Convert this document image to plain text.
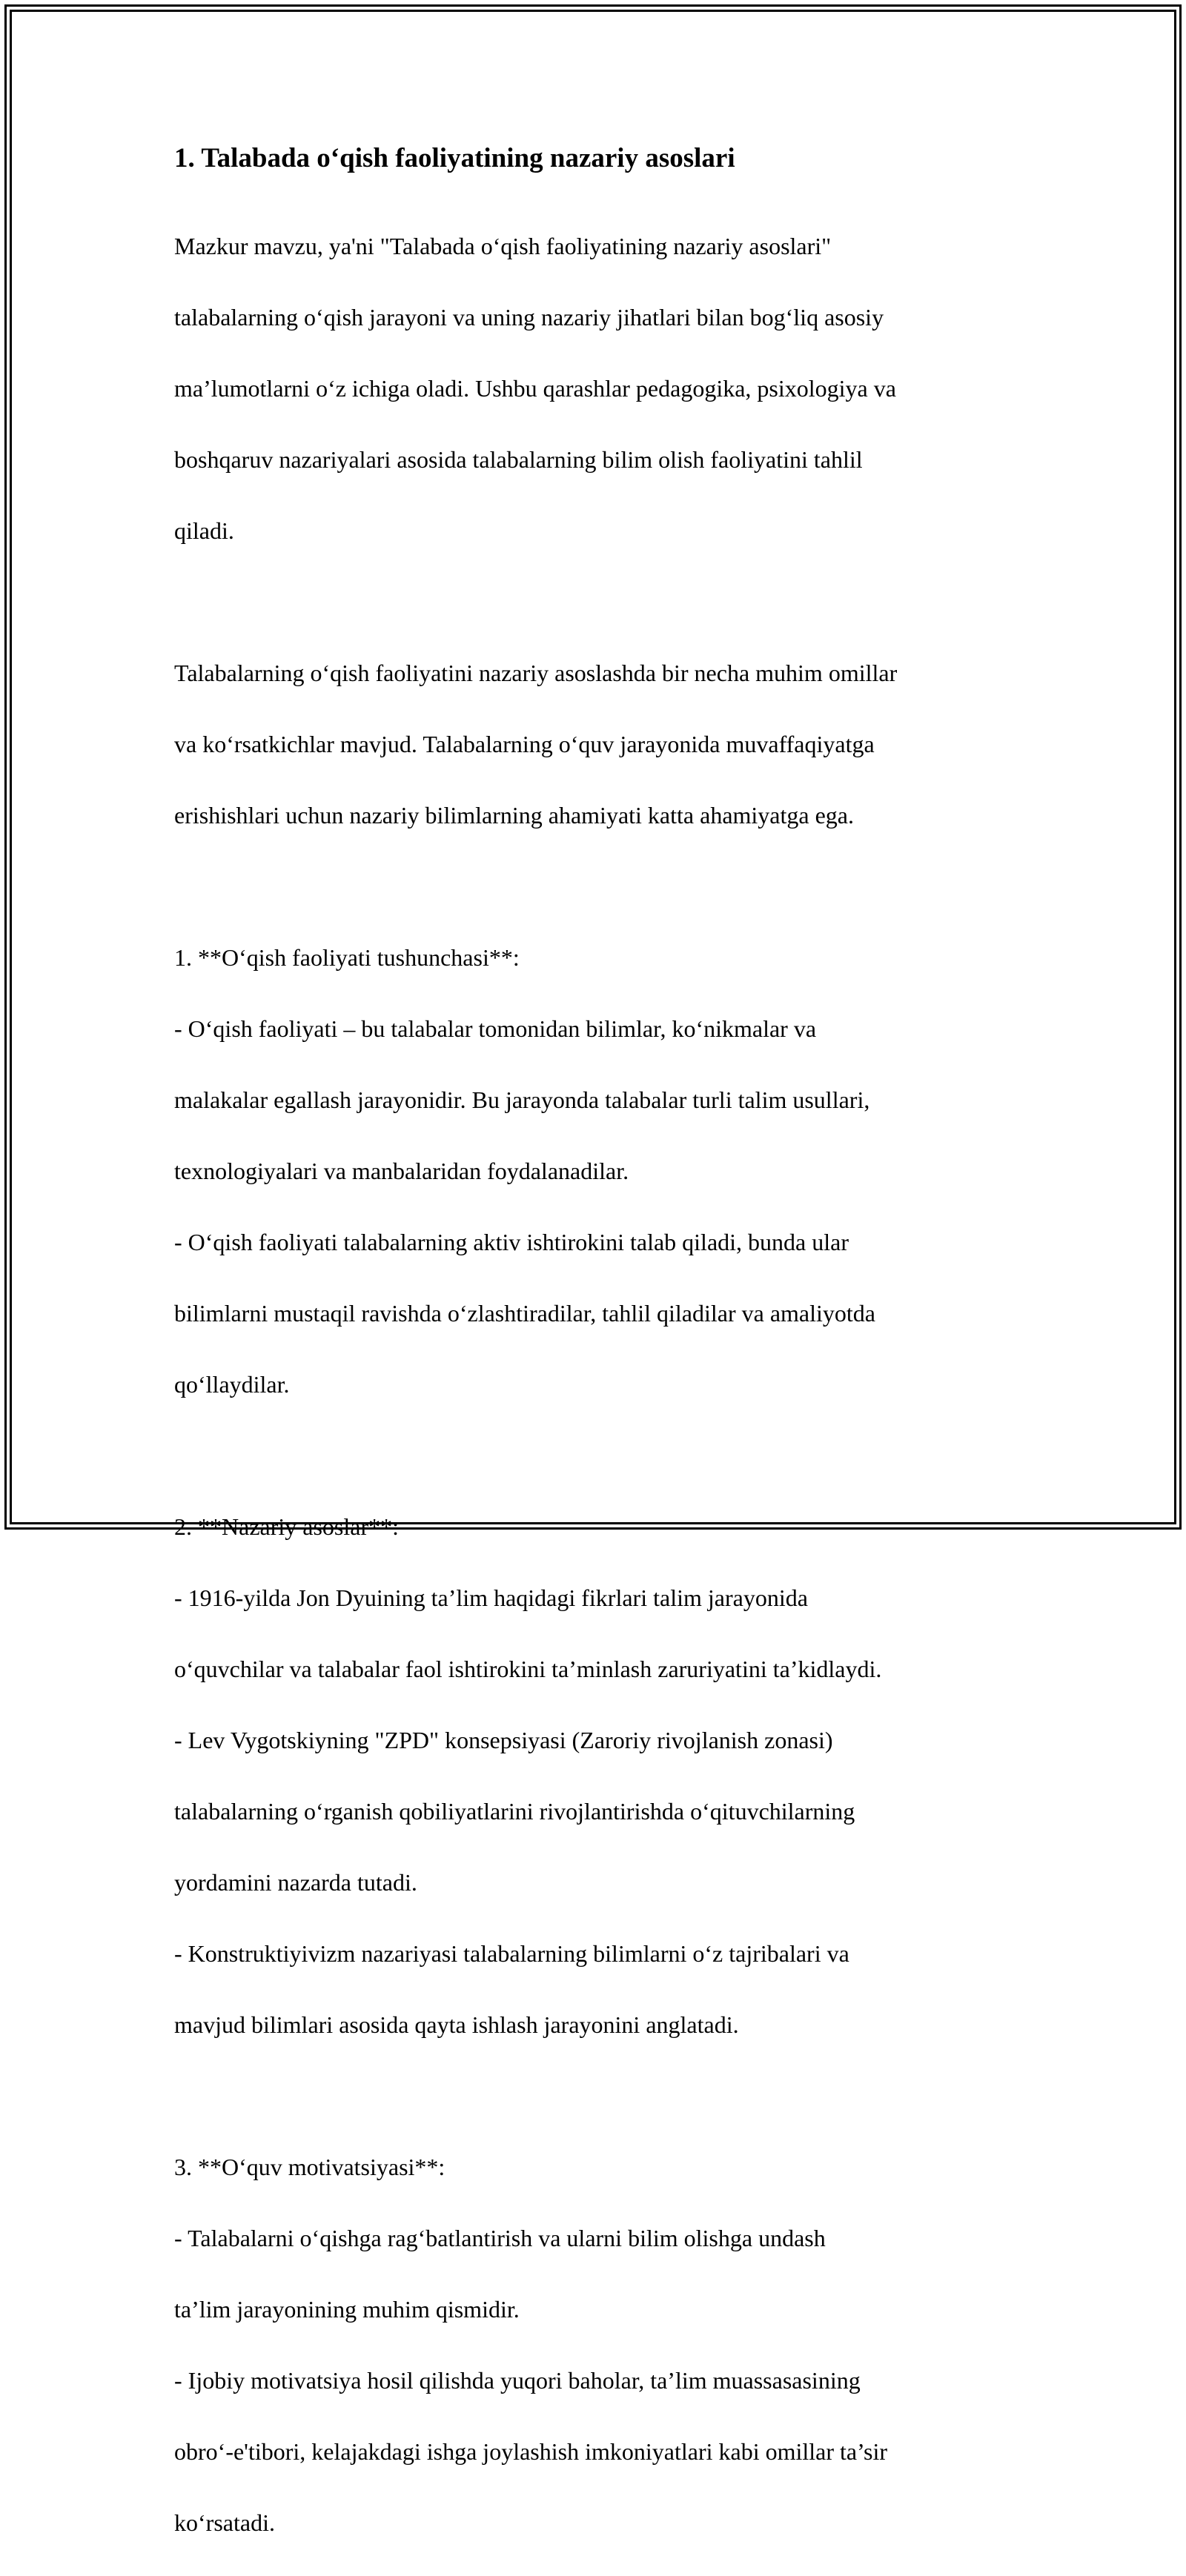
1. Talabada o‘qish faoliyatining nazariy asoslari

Mazkur mavzu, ya'ni "Talabada o‘qish faoliyatining nazariy asoslari"

talabalarning o‘qish jarayoni va uning nazariy jihatlari bilan bog‘liq asosiy

ma’lumotlarni o‘z ichiga oladi. Ushbu qarashlar pedagogika, psixologiya va

boshqaruv nazariyalari asosida talabalarning bilim olish faoliyatini tahlil

qiladi.

Talabalarning o‘qish faoliyatini nazariy asoslashda bir necha muhim omillar

va ko‘rsatkichlar mavjud. Talabalarning o‘quv jarayonida muvaffaqiyatga

erishishlari uchun nazariy bilimlarning ahamiyati katta ahamiyatga ega.

1. **O‘qish faoliyati tushunchasi**:

- O‘qish faoliyati – bu talabalar tomonidan bilimlar, ko‘nikmalar va

malakalar egallash jarayonidir. Bu jarayonda talabalar turli talim usullari,

texnologiyalari va manbalaridan foydalanadilar.

- O‘qish faoliyati talabalarning aktiv ishtirokini talab qiladi, bunda ular

bilimlarni mustaqil ravishda o‘zlashtiradilar, tahlil qiladilar va amaliyotda

qo‘llaydilar.

2. **Nazariy asoslar**:

- 1916-yilda Jon Dyuining ta’lim haqidagi fikrlari talim jarayonida

o‘quvchilar va talabalar faol ishtirokini ta’minlash zaruriyatini ta’kidlaydi.

- Lev Vygotskiyning "ZPD" konsepsiyasi (Zaroriy rivojlanish zonasi)

talabalarning o‘rganish qobiliyatlarini rivojlantirishda o‘qituvchilarning

yordamini nazarda tutadi.

- Konstruktiyivizm nazariyasi talabalarning bilimlarni o‘z tajribalari va

mavjud bilimlari asosida qayta ishlash jarayonini anglatadi.

3. **O‘quv motivatsiyasi**:

- Talabalarni o‘qishga rag‘batlantirish va ularni bilim olishga undash

ta’lim jarayonining muhim qismidir.

- Ijobiy motivatsiya hosil qilishda yuqori baholar, ta’lim muassasasining

obro‘-e'tibori, kelajakdagi ishga joylashish imkoniyatlari kabi omillar ta’sir

ko‘rsatadi.
